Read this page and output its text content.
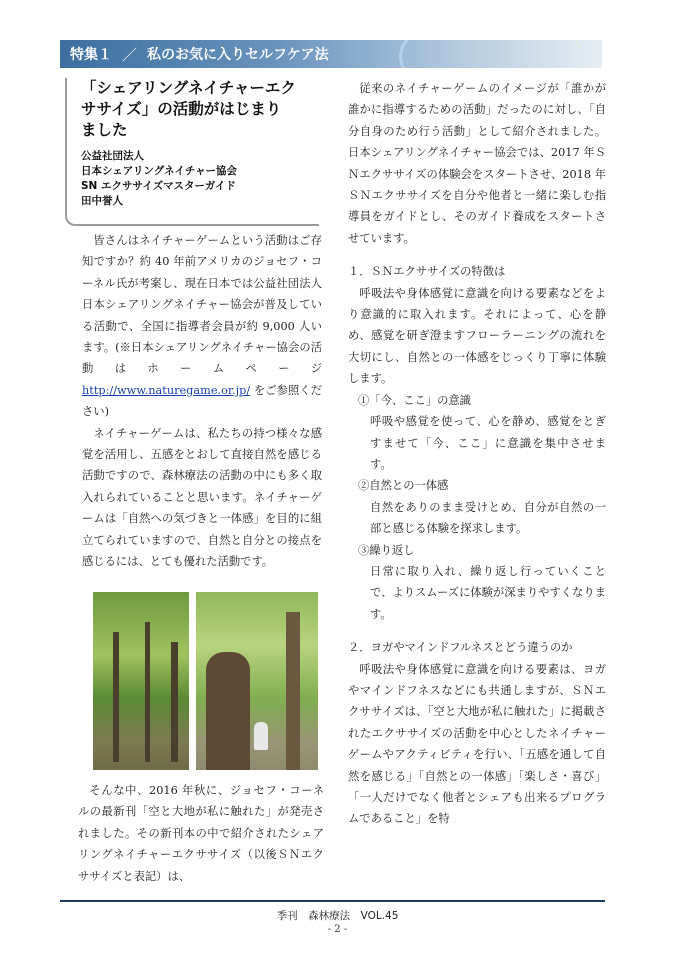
特集１ ／ 私のお気に入りセルフケア法
「シェアリングネイチャーエク
ササイズ」の活動がはじまり
ました
公益社団法人
日本シェアリングネイチャー協会
SN エクササイズマスターガイド
田中誉人

皆さんはネイチャーゲームという活動はご存知ですか？約 40 年前アメリカのジョセフ・コーネル氏が考案し、現在日本では公益社団法人日本シェアリングネイチャー協会が普及している活動で、全国に指導者会員が約 9,000 人います。(※日本シェアリングネイチャー協会の活動はホームページ http://www.naturegame.or.jp/ をご参照ください)

ネイチャーゲームは、私たちの持つ様々な感覚を活用し、五感をとおして直接自然を感じる活動ですので、森林療法の活動の中にも多く取入れられていることと思います。ネイチャーゲームは「自然への気づきと一体感」を目的に組立てられていますので、自然と自分との接点を感じるには、とても優れた活動です。

そんな中、2016 年秋に、ジョセフ・コーネルの最新刊「空と大地が私に触れた」が発売されました。その新刊本の中で紹介されたシェアリングネイチャーエクササイズ（以後ＳＮエクササイズと表記）は、

従来のネイチャーゲームのイメージが「誰かが誰かに指導するための活動」だったのに対し、「自分自身のため行う活動」として紹介されました。日本シェアリングネイチャー協会では、2017 年ＳＮエクササイズの体験会をスタートさせ、2018 年ＳＮエクササイズを自分や他者と一緒に楽しむ指導員をガイドとし、そのガイド養成をスタートさせています。

１．ＳＮエクササイズの特徴は

呼吸法や身体感覚に意識を向ける要素などをより意識的に取入れます。それによって、心を静め、感覚を研ぎ澄ますフローラーニングの流れを大切にし、自然との一体感をじっくり丁寧に体験します。

①「今、ここ」の意識

呼吸や感覚を使って、心を静め、感覚をとぎすませて「今、ここ」に意識を集中させます。

②自然との一体感

自然をありのまま受けとめ、自分が自然の一部と感じる体験を探求します。

③繰り返し

日常に取り入れ、繰り返し行っていくことで、よりスムーズに体験が深まりやすくなります。

２．ヨガやマインドフルネスとどう違うのか

呼吸法や身体感覚に意識を向ける要素は、ヨガやマインドフネスなどにも共通しますが、ＳＮエクササイズは、「空と大地が私に触れた」に掲載されたエクササイズの活動を中心としたネイチャーゲームやアクティビティを行い、「五感を通して自然を感じる」「自然との一体感」「楽しさ・喜び」「一人だけでなく他者とシェアも出来るプログラムであること」を特

季刊　森林療法　VOL.45
- 2 -
